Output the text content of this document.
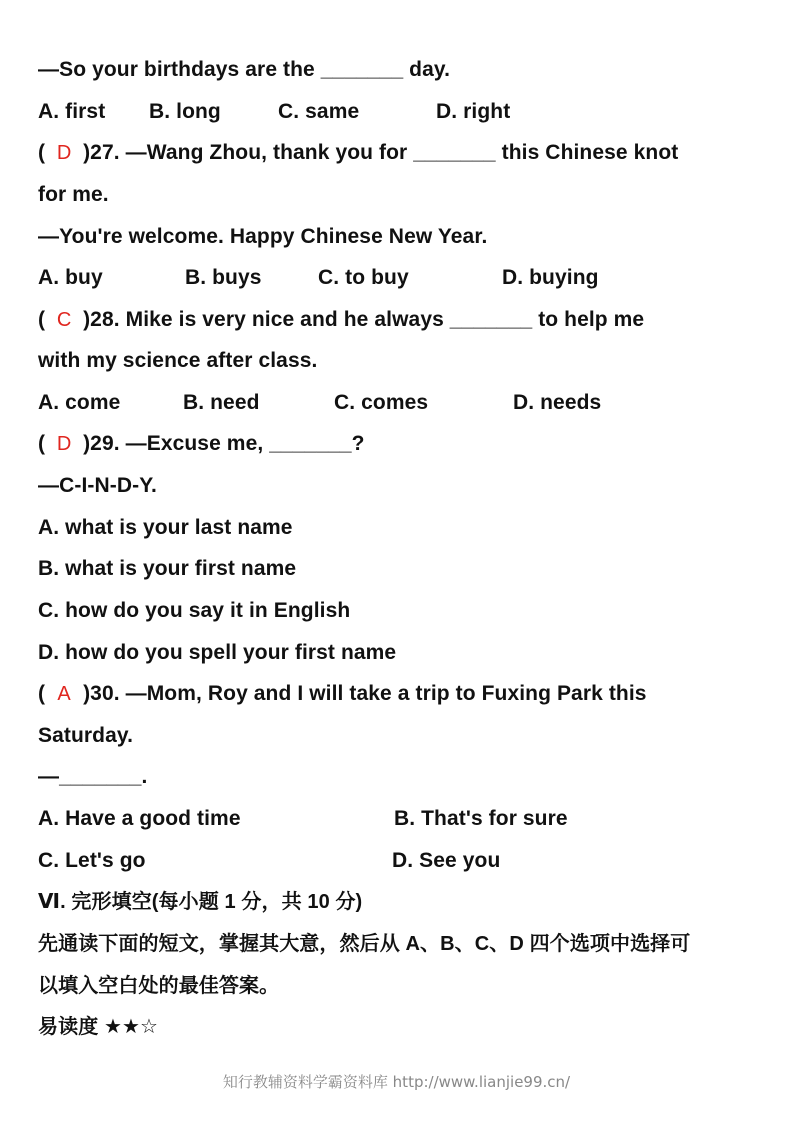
—So your birthdays are the _______ day.
A. first B. long	C. same	D. right
( D )27. —Wang Zhou, thank you for _______ this Chinese knot
for me.
—You're welcome. Happy Chinese New Year.
A. buy	B. buys	C. to buy	D. buying
( C )28. Mike is very nice and he always _______ to help me
with my science after class.
A. come	B. need	C. comes	D. needs
( D )29. —Excuse me, _______?
—C-I-N-D-Y.
A. what is your last name
B. what is your first name
C. how do you say it in English
D. how do you spell your first name
( A )30. —Mom, Roy and I will take a trip to Fuxing Park this
Saturday.
—_______.
A. Have a good time	B. That's for sure
C. Let's go	D. See you
Ⅵ. 完形填空(每小题 1 分，共 10 分)
先通读下面的短文，掌握其大意，然后从 A、B、C、D 四个选项中选择可
以填入空白处的最佳答案。
易读度 ★★☆
知行教辅资料学霸资料库 http://www.lianjie99.cn/
